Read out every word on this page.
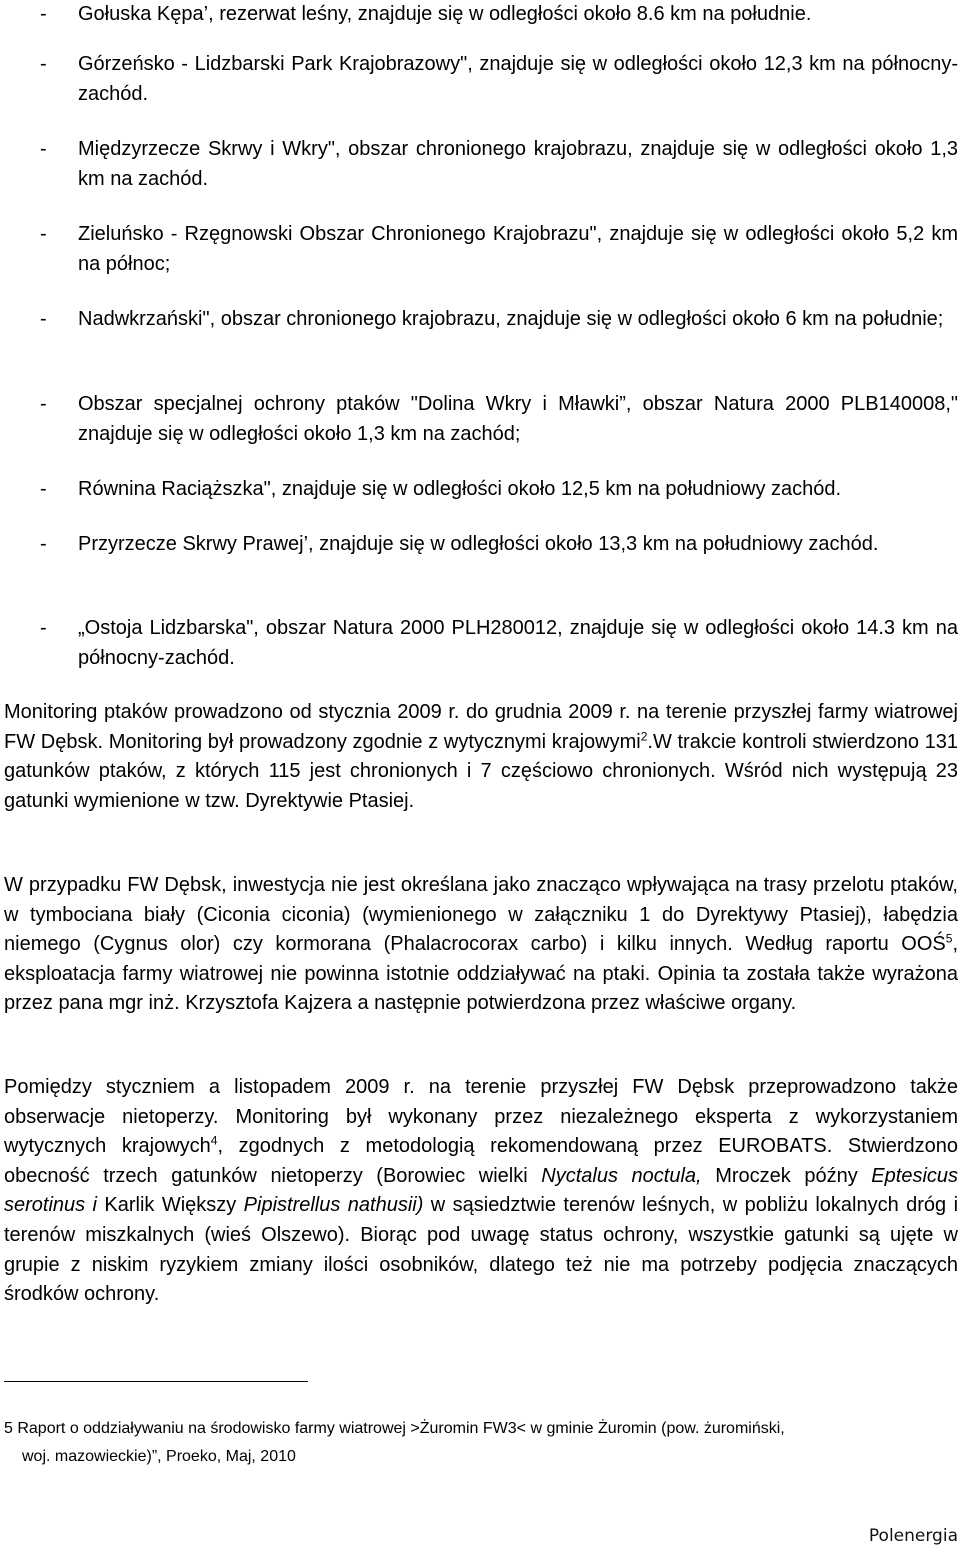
-	Gołuska Kępa’, rezerwat leśny, znajduje się w odległości około 8.6 km na południe.
-	Górzeńsko - Lidzbarski Park Krajobrazowy", znajduje się w odległości około 12,3 km na północny-zachód.
-	Międzyrzecze Skrwy i Wkry", obszar chronionego krajobrazu, znajduje się w odległości około 1,3 km na zachód.
-	Zieluńsko - Rzęgnowski Obszar Chronionego Krajobrazu", znajduje się w odległości około 5,2 km na północ;
-	Nadwkrzański", obszar chronionego krajobrazu, znajduje się w odległości około 6 km na południe;
-	Obszar specjalnej ochrony ptaków "Dolina Wkry i Mławki”, obszar Natura 2000 PLB140008," znajduje się w odległości około 1,3 km na zachód;
-	Równina Raciąższka", znajduje się w odległości około 12,5 km na południowy zachód.
-	Przyrzecze Skrwy Prawej’, znajduje się w odległości około 13,3 km na południowy zachód.
-	„Ostoja Lidzbarska", obszar Natura 2000 PLH280012, znajduje się w odległości około 14.3 km na północny-zachód.
Monitoring ptaków prowadzono od stycznia 2009 r. do grudnia 2009 r. na terenie przyszłej farmy wiatrowej FW Dębsk. Monitoring był prowadzony zgodnie z wytycznymi krajowymi$^2$.W trakcie kontroli stwierdzono 131 gatunków ptaków, z których 115 jest chronionych i 7 częściowo chronionych. Wśród nich występują 23 gatunki wymienione w tzw. Dyrektywie Ptasiej.
W przypadku FW Dębsk, inwestycja nie jest określana jako znacząco wpływająca na trasy przelotu ptaków, w tymbociana biały (Ciconia ciconia) (wymienionego w załączniku 1 do Dyrektywy Ptasiej), łabędzia niemego (Cygnus olor) czy kormorana (Phalacrocorax carbo) i kilku innych. Według raportu OOŚ$^5$, eksploatacja farmy wiatrowej nie powinna istotnie oddziaływać na ptaki. Opinia ta została także wyrażona przez pana mgr inż. Krzysztofa Kajzera a następnie potwierdzona przez właściwe organy.
Pomiędzy styczniem a listopadem 2009 r. na terenie przyszłej FW Dębsk przeprowadzono także obserwacje nietoperzy. Monitoring był wykonany przez niezależnego eksperta z wykorzystaniem wytycznych krajowych$^4$, zgodnych z metodologią rekomendowaną przez EUROBATS. Stwierdzono obecność trzech gatunków nietoperzy (Borowiec wielki Nyctalus noctula, Mroczek późny Eptesicus serotinus i Karlik Większy Pipistrellus nathusii) w sąsiedztwie terenów leśnych, w pobliżu lokalnych dróg i terenów miszkalnych (wieś Olszewo). Biorąc pod uwagę status ochrony, wszystkie gatunki są ujęte w grupie z niskim ryzykiem zmiany ilości osobników, dlatego też nie ma potrzeby podjęcia znaczących środków ochrony.
5 Raport o oddziaływaniu na środowisko farmy wiatrowej >Żuromin FW3< w gminie Żuromin (pow. żuromiński,
woj. mazowieckie)”, Proeko, Maj, 2010
Polenergia
